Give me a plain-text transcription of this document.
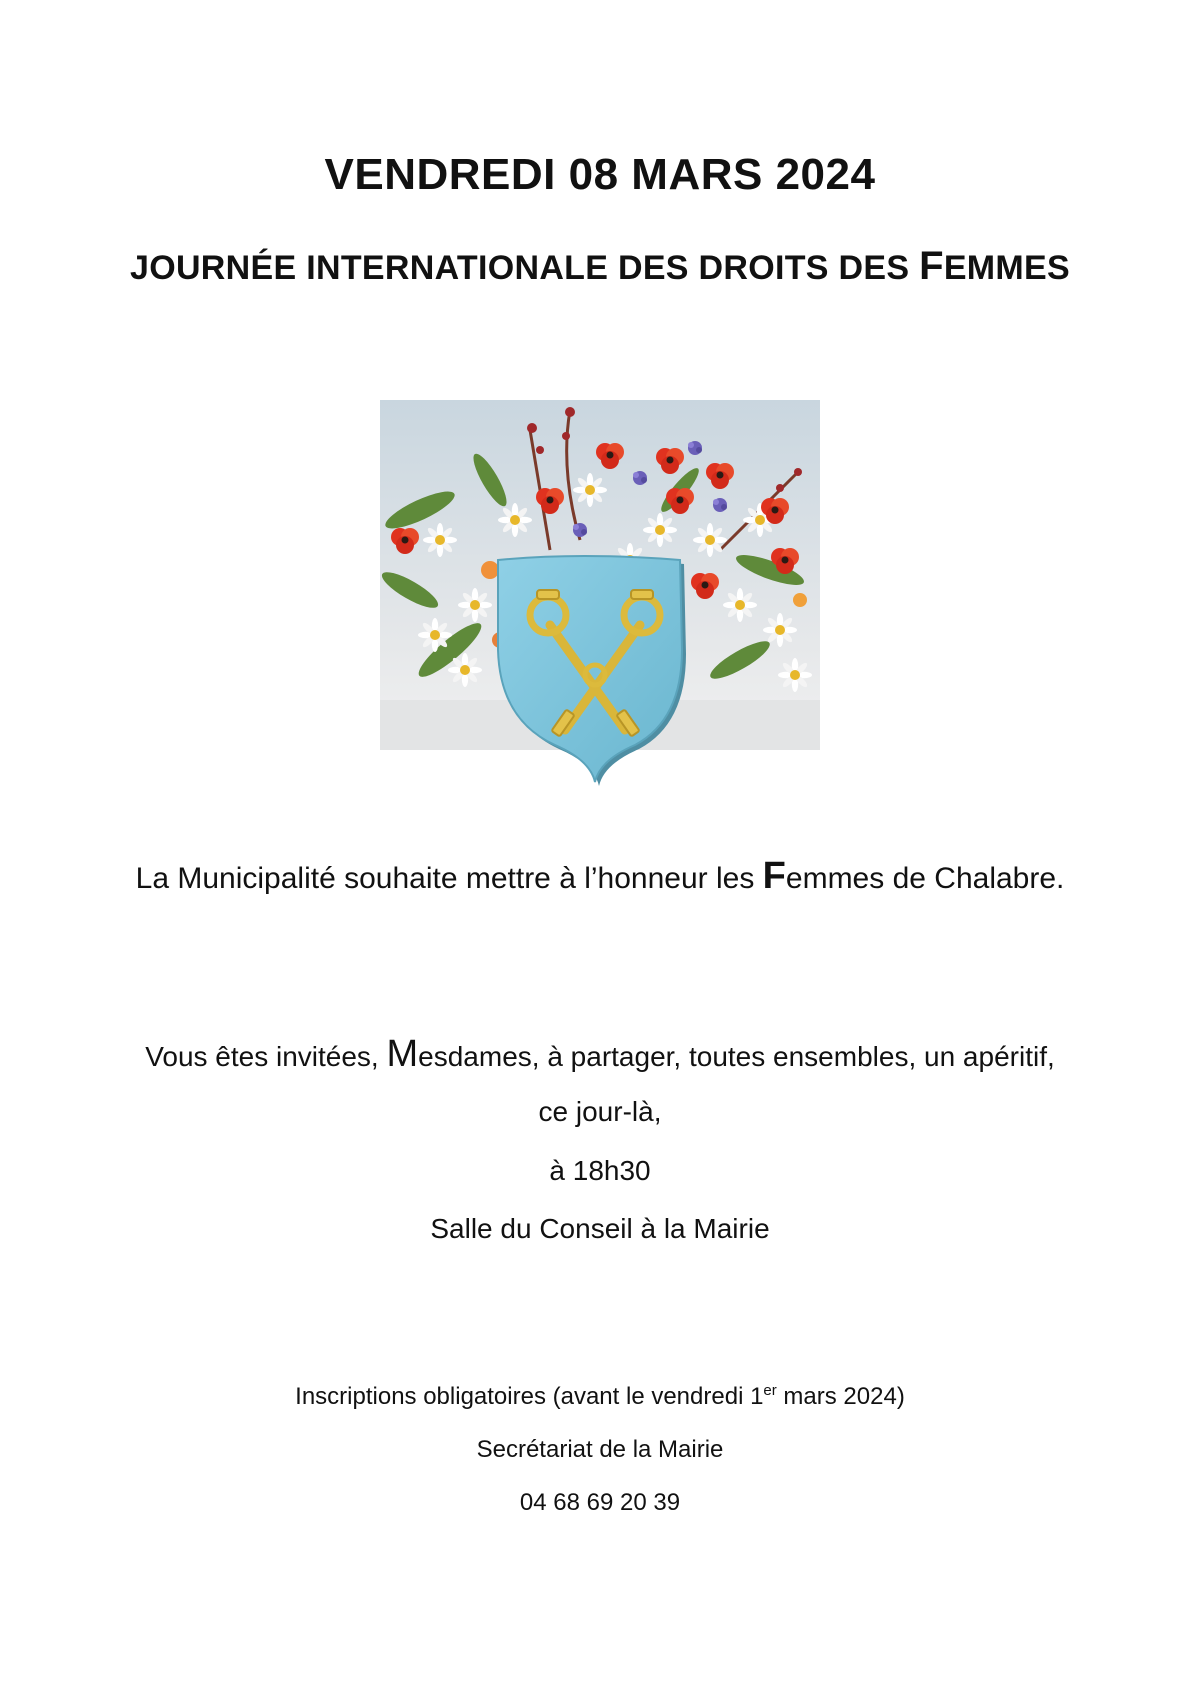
VENDREDI 08 MARS 2024
JOURNÉE INTERNATIONALE DES DROITS DES FEMMES
La Municipalité souhaite mettre à l’honneur les Femmes de Chalabre.
Vous êtes invitées, Mesdames, à partager, toutes ensembles, un apéritif,
ce jour-là,
à 18h30
Salle du Conseil à la Mairie
Inscriptions obligatoires (avant le vendredi 1er mars 2024)
Secrétariat de la Mairie
04 68 69 20 39
